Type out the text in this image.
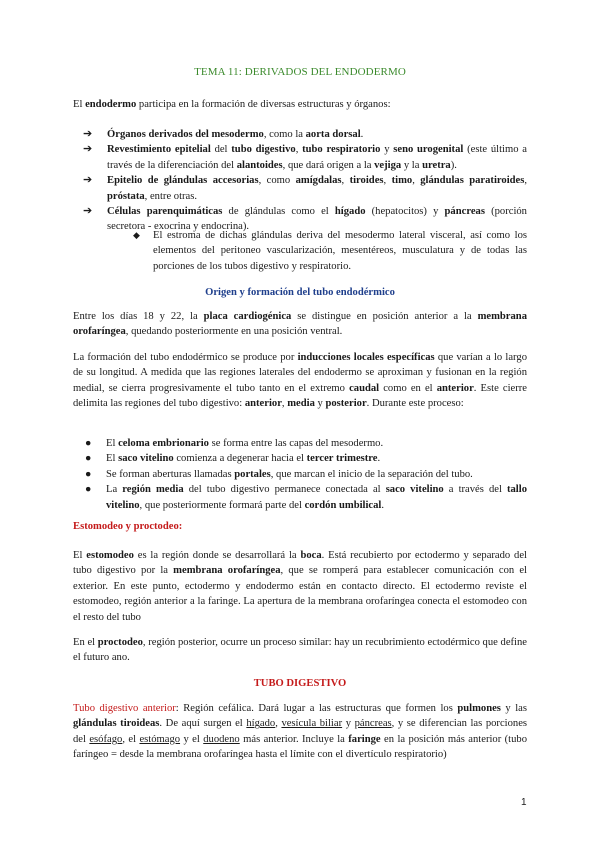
TEMA 11: DERIVADOS DEL ENDODERMO

El endodermo participa en la formación de diversas estructuras y órganos:

➔ Órganos derivados del mesodermo, como la aorta dorsal.
➔ Revestimiento epitelial del tubo digestivo, tubo respiratorio y seno urogenital (este último a través de la diferenciación del alantoides, que dará origen a la vejiga y la uretra).
➔ Epitelio de glándulas accesorias, como amígdalas, tiroides, timo, glándulas paratiroides, próstata, entre otras.
➔ Células parenquimáticas de glándulas como el hígado (hepatocitos) y páncreas (porción secretora - exocrina y endocrina).

◆ El estroma de dichas glándulas deriva del mesodermo lateral visceral, así como los elementos del peritoneo vascularización, mesentéreos, musculatura y de todas las porciones de los tubos digestivo y respiratorio.

Origen y formación del tubo endodérmico

Entre los días 18 y 22, la placa cardiogénica se distingue en posición anterior a la membrana orofaríngea, quedando posteriormente en una posición ventral.

La formación del tubo endodérmico se produce por inducciones locales específicas que varían a lo largo de su longitud. A medida que las regiones laterales del endodermo se aproximan y fusionan en la región medial, se cierra progresivamente el tubo tanto en el extremo caudal como en el anterior. Este cierre delimita las regiones del tubo digestivo: anterior, media y posterior. Durante este proceso:

● El celoma embrionario se forma entre las capas del mesodermo.
● El saco vitelino comienza a degenerar hacia el tercer trimestre.
● Se forman aberturas llamadas portales, que marcan el inicio de la separación del tubo.
● La región media del tubo digestivo permanece conectada al saco vitelino a través del tallo vitelino, que posteriormente formará parte del cordón umbilical.
Estomodeo y proctodeo:

El estomodeo es la región donde se desarrollará la boca. Está recubierto por ectodermo y separado del tubo digestivo por la membrana orofaríngea, que se romperá para establecer comunicación con el exterior. En este punto, ectodermo y endodermo están en contacto directo. El ectodermo reviste el estomodeo, región anterior a la faringe. La apertura de la membrana orofaríngea conecta el estomodeo con el resto del tubo

En el proctodeo, región posterior, ocurre un proceso similar: hay un recubrimiento ectodérmico que define el futuro ano.

TUBO DIGESTIVO

Tubo digestivo anterior: Región cefálica. Dará lugar a las estructuras que formen los pulmones y las glándulas tiroideas. De aquí surgen el hígado, vesícula biliar y páncreas, y se diferencian las porciones del esófago, el estómago y el duodeno más anterior. Incluye la faringe en la posición más anterior (tubo faríngeo = desde la membrana orofaríngea hasta el límite con el divertículo respiratorio)

1
